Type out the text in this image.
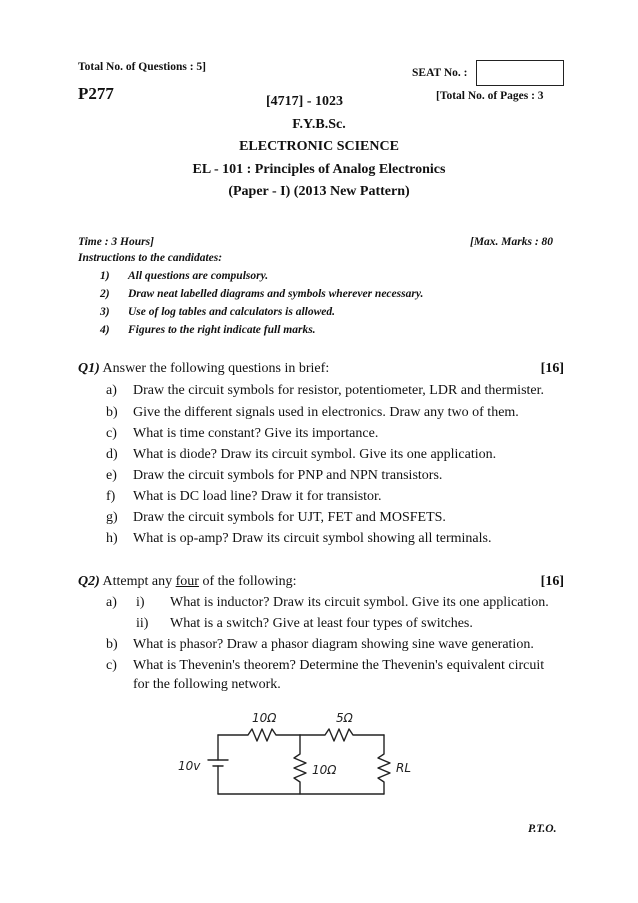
Total No. of Questions : 5]	SEAT No. :
P277	[Total No. of Pages : 3
[4717] - 1023
F.Y.B.Sc.
ELECTRONIC SCIENCE
EL - 101 : Principles of Analog Electronics
(Paper - I) (2013 New Pattern)
Time : 3 Hours]	[Max. Marks : 80
Instructions to the candidates:
1) All questions are compulsory.
2) Draw neat labelled diagrams and symbols wherever necessary.
3) Use of log tables and calculators is allowed.
4) Figures to the right indicate full marks.
Q1) Answer the following questions in brief:	[16]
a) Draw the circuit symbols for resistor, potentiometer, LDR and thermister.
b) Give the different signals used in electronics. Draw any two of them.
c) What is time constant? Give its importance.
d) What is diode? Draw its circuit symbol. Give its one application.
e) Draw the circuit symbols for PNP and NPN transistors.
f) What is DC load line? Draw it for transistor.
g) Draw the circuit symbols for UJT, FET and MOSFETS.
h) What is op-amp? Draw its circuit symbol showing all terminals.
Q2) Attempt any four of the following:	[16]
a) i) What is inductor? Draw its circuit symbol. Give its one application.
ii) What is a switch? Give at least four types of switches.
b) What is phasor? Draw a phasor diagram showing sine wave generation.
c) What is Thevenin's theorem? Determine the Thevenin's equivalent circuit
for the following network.
10Ω	5Ω
10v	10Ω	RL
P.T.O.
